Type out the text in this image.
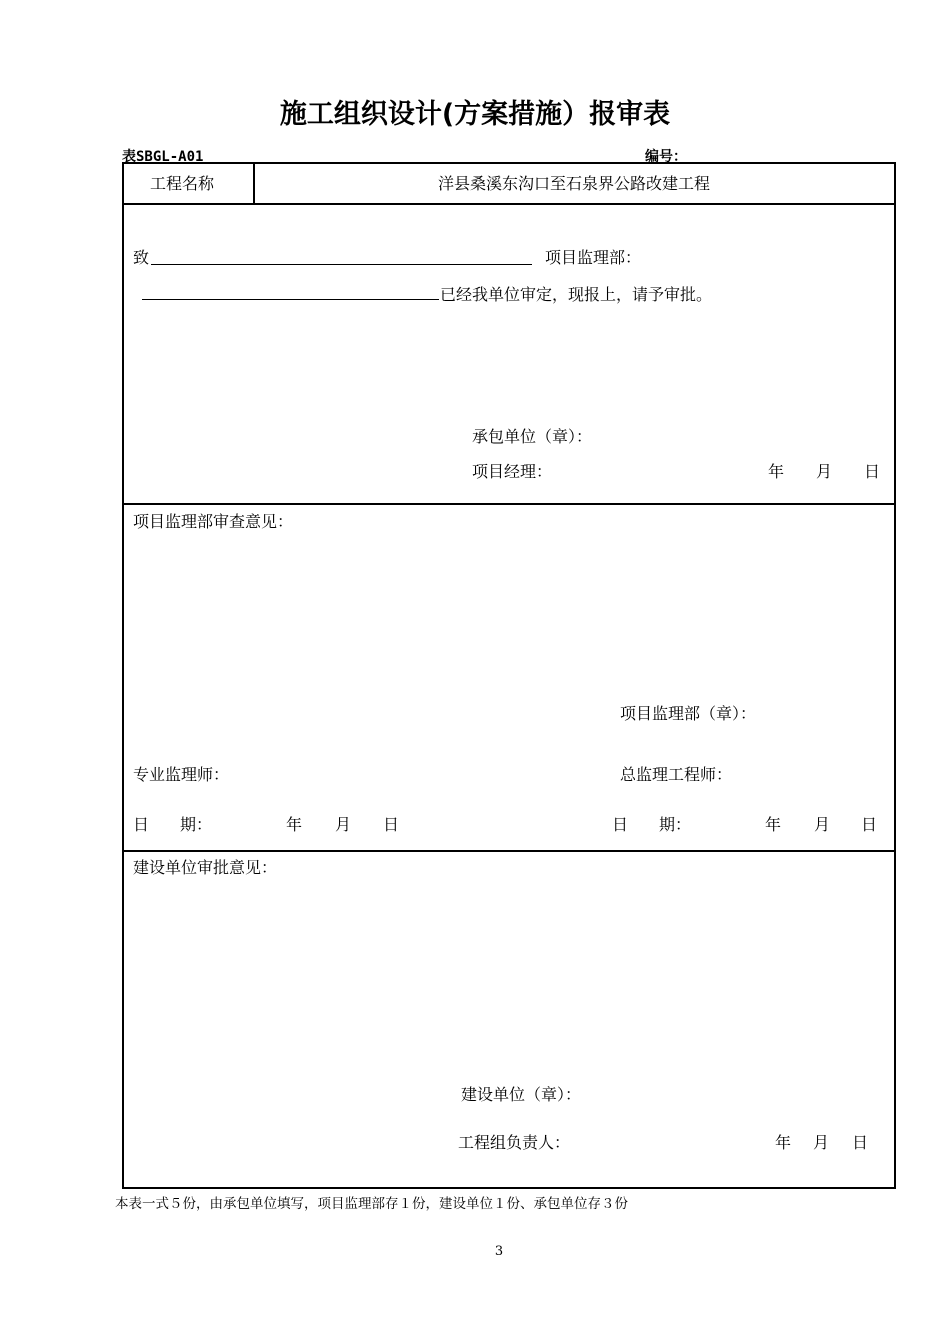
施工组织设计(方案措施）报审表
表SBGL-A01	编号：
工程名称	洋县桑溪东沟口至石泉界公路改建工程
致	项目监理部：
已经我单位审定，现报上，请予审批。
承包单位（章）：
项目经理：	年 月 日
项目监理部审查意见：
项目监理部（章）：
专业监理师：	总监理工程师：
日 期：	年 月 日	日 期：	年 月 日
建设单位审批意见：
建设单位（章）：
工程组负责人：	年 月 日
本表一式５份，由承包单位填写，项目监理部存１份，建设单位１份、承包单位存３份
3
